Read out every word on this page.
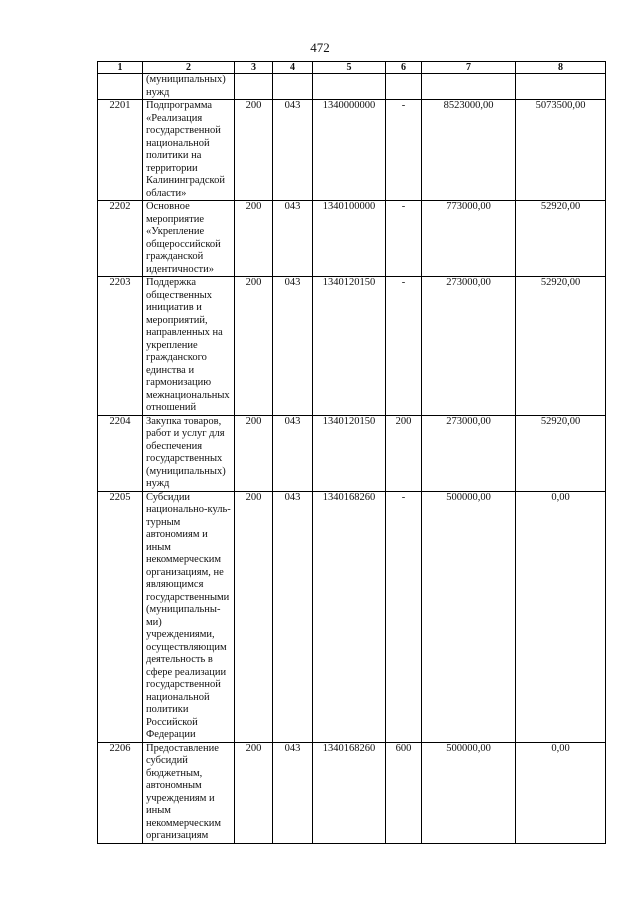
472
1	2	3	4	5	6	7	8
	(муниципальных) нужд						
2201	Подпрограмма «Реализация государственной национальной политики на территории Калининградской области»	200	043	1340000000	-	8523000,00	5073500,00
2202	Основное мероприятие «Укрепление общероссийской гражданской идентичности»	200	043	1340100000	-	773000,00	52920,00
2203	Поддержка общественных инициатив и мероприятий, направленных на укрепление гражданского единства и гармонизацию межнациональных отношений	200	043	1340120150	-	273000,00	52920,00
2204	Закупка товаров, работ и услуг для обеспечения государственных (муниципальных) нужд	200	043	1340120150	200	273000,00	52920,00
2205	Субсидии национально-куль-турным автономиям и иным некоммерческим организациям, не являющимся государственными (муниципальны-ми) учреждениями, осуществляющим деятельность в сфере реализации государственной национальной политики Российской Федерации	200	043	1340168260	-	500000,00	0,00
2206	Предоставление субсидий бюджетным, автономным учреждениям и иным некоммерческим организациям	200	043	1340168260	600	500000,00	0,00
